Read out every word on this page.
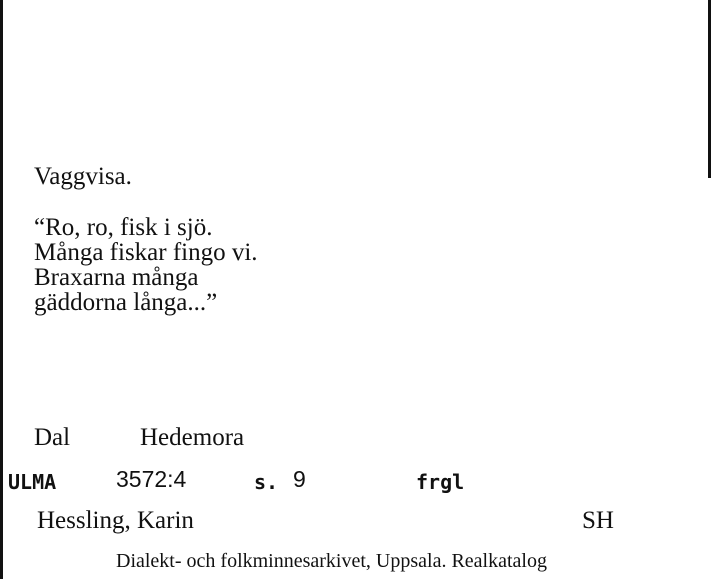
Vaggvisa.
“Ro, ro, fisk i sjö.
Många fiskar fingo vi.
Braxarna många
gäddorna långa...”
Dal	Hedemora
ULMA	3572:4	s. 9	frgl
Hessling, Karin	SH
Dialekt- och folkminnesarkivet, Uppsala. Realkatalog
